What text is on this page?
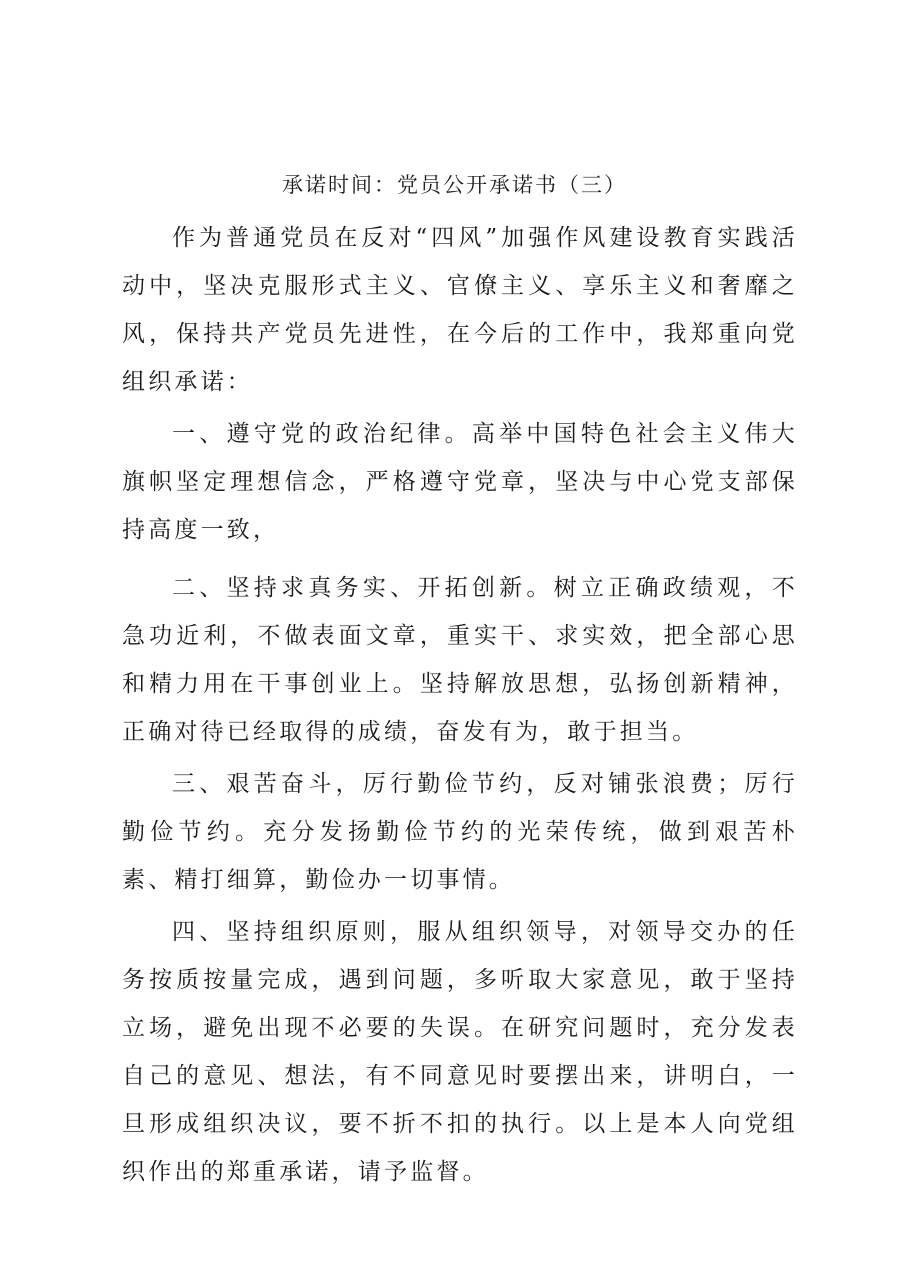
承诺时间：党员公开承诺书（三）

作为普通党员在反对“四风”加强作风建设教育实践活动中，坚决克服形式主义、官僚主义、享乐主义和奢靡之风，保持共产党员先进性，在今后的工作中，我郑重向党组织承诺：

一、遵守党的政治纪律。高举中国特色社会主义伟大旗帜坚定理想信念，严格遵守党章，坚决与中心党支部保持高度一致，

二、坚持求真务实、开拓创新。树立正确政绩观，不急功近利，不做表面文章，重实干、求实效，把全部心思和精力用在干事创业上。坚持解放思想，弘扬创新精神，正确对待已经取得的成绩，奋发有为，敢于担当。

三、艰苦奋斗，厉行勤俭节约，反对铺张浪费；厉行勤俭节约。充分发扬勤俭节约的光荣传统，做到艰苦朴素、精打细算，勤俭办一切事情。

四、坚持组织原则，服从组织领导，对领导交办的任务按质按量完成，遇到问题，多听取大家意见，敢于坚持立场，避免出现不必要的失误。在研究问题时，充分发表自己的意见、想法，有不同意见时要摆出来，讲明白，一旦形成组织决议，要不折不扣的执行。以上是本人向党组织作出的郑重承诺，请予监督。
